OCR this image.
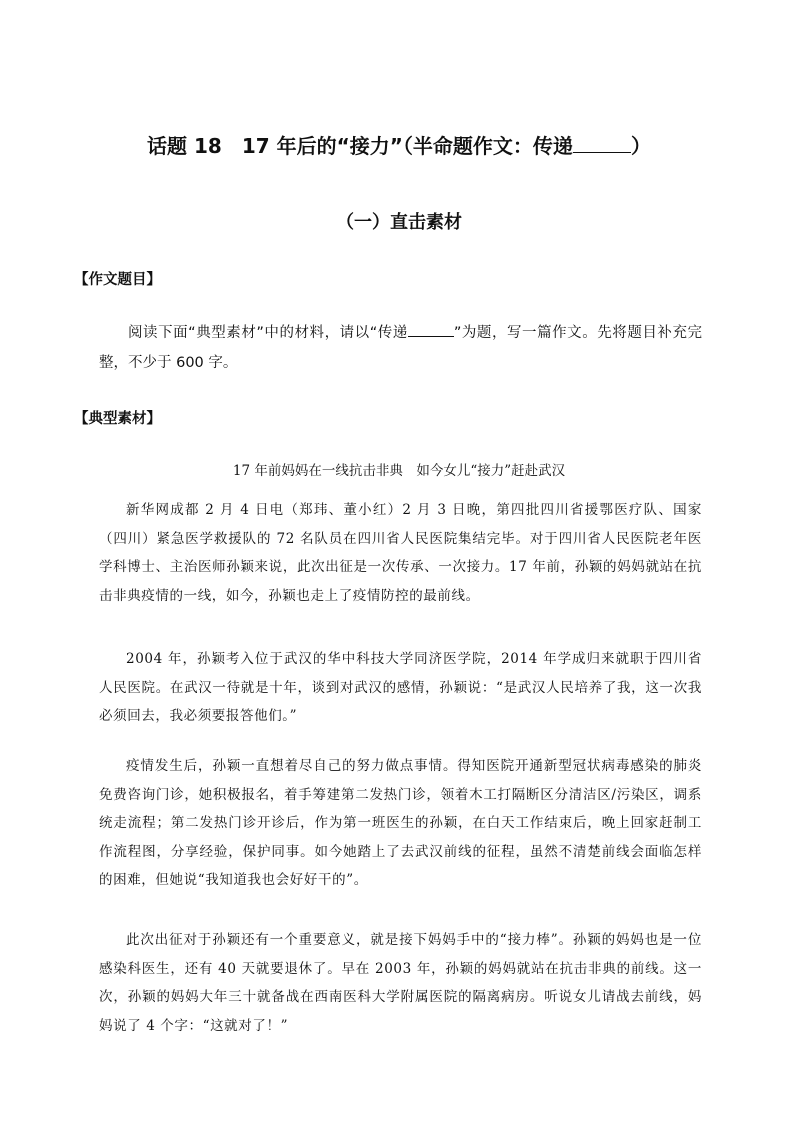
话题 18　17 年后的“接力”（半命题作文：传递	）
（一）直击素材
【作文题目】
阅读下面“典型素材”中的材料，请以“传递	”为题，写一篇作文。先将题目补充完整，不少于 600 字。
【典型素材】
17 年前妈妈在一线抗击非典　如今女儿“接力”赶赴武汉

新华网成都 2 月 4 日电（郑玮、董小红）2 月 3 日晚，第四批四川省援鄂医疗队、国家（四川）紧急医学救援队的 72 名队员在四川省人民医院集结完毕。对于四川省人民医院老年医学科博士、主治医师孙颖来说，此次出征是一次传承、一次接力。17 年前，孙颖的妈妈就站在抗击非典疫情的一线，如今，孙颖也走上了疫情防控的最前线。

2004 年，孙颖考入位于武汉的华中科技大学同济医学院，2014 年学成归来就职于四川省人民医院。在武汉一待就是十年，谈到对武汉的感情，孙颖说：“是武汉人民培养了我，这一次我必须回去，我必须要报答他们。”

疫情发生后，孙颖一直想着尽自己的努力做点事情。得知医院开通新型冠状病毒感染的肺炎免费咨询门诊，她积极报名，着手筹建第二发热门诊，领着木工打隔断区分清洁区/污染区，调系统走流程；第二发热门诊开诊后，作为第一班医生的孙颖，在白天工作结束后，晚上回家赶制工作流程图，分享经验，保护同事。如今她踏上了去武汉前线的征程，虽然不清楚前线会面临怎样的困难，但她说“我知道我也会好好干的”。

此次出征对于孙颖还有一个重要意义，就是接下妈妈手中的“接力棒”。孙颖的妈妈也是一位感染科医生，还有 40 天就要退休了。早在 2003 年，孙颖的妈妈就站在抗击非典的前线。这一次，孙颖的妈妈大年三十就备战在西南医科大学附属医院的隔离病房。听说女儿请战去前线，妈妈说了 4 个字：“这就对了！”
